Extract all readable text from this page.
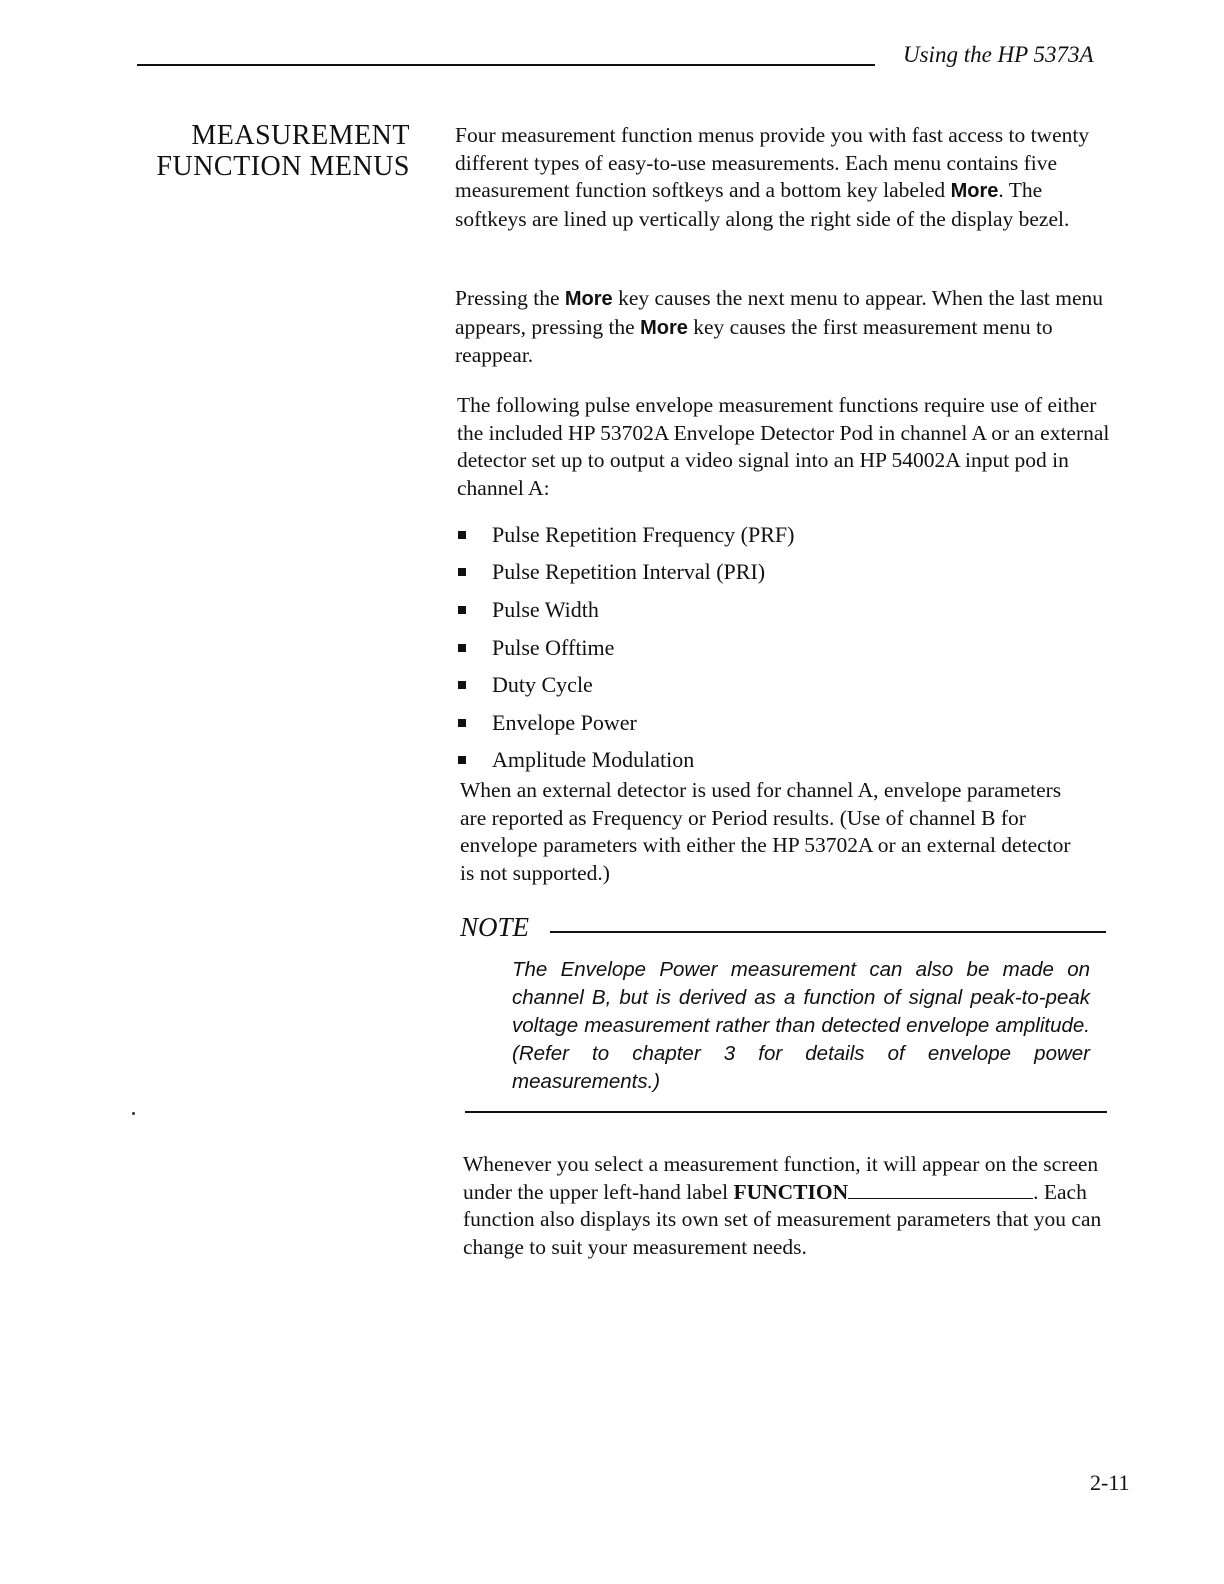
Using the HP 5373A
MEASUREMENT
FUNCTION MENUS

Four measurement function menus provide you with fast access to twenty different types of easy-to-use measurements. Each menu contains five measurement function softkeys and a bottom key labeled More. The softkeys are lined up vertically along the right side of the display bezel.

Pressing the More key causes the next menu to appear. When the last menu appears, pressing the More key causes the first measurement menu to reappear.

The following pulse envelope measurement functions require use of either the included HP 53702A Envelope Detector Pod in channel A or an external detector set up to output a video signal into an HP 54002A input pod in channel A:

Pulse Repetition Frequency (PRF)
Pulse Repetition Interval (PRI)
Pulse Width
Pulse Offtime
Duty Cycle
Envelope Power
Amplitude Modulation

When an external detector is used for channel A, envelope parameters are reported as Frequency or Period results. (Use of channel B for envelope parameters with either the HP 53702A or an external detector is not supported.)

NOTE

The Envelope Power measurement can also be made on channel B, but is derived as a function of signal peak-to-peak voltage measurement rather than detected envelope amplitude. (Refer to chapter 3 for details of envelope power measurements.)

Whenever you select a measurement function, it will appear on the screen under the upper left-hand label FUNCTION	. Each function also displays its own set of measurement parameters that you can change to suit your measurement needs.

2-11
